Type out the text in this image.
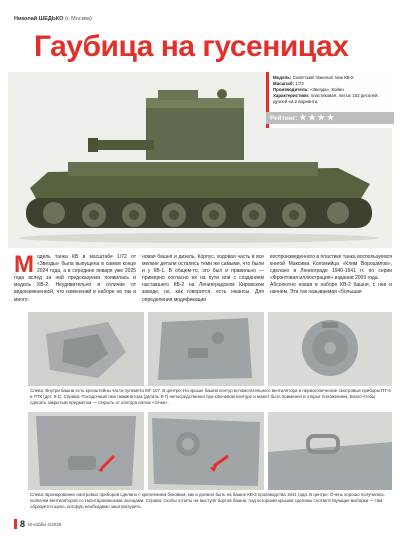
Николай ШЕДЬКО (г. Москва)
Гаубица на гусеницах
Модель: Советский тяжелый танк КВ-2
Масштаб: 1/72
Производитель: «Звезда», Койин
Характеристики: пластиковая, литых 153 деталей, дуэлей на 2 варианта.
Рейтинг: ★ ★ ★ ★
Модель танка КВ в масштабе 1/72 от «Звезды» была выпущена в самом конце 2024 года, а в середине января уже 2025 года вслед за ней предсказуемо появилась и модель КВ-2. Неудивительно в отличие от видоизмененной, что изменений в наборе не так и много:
новая башня и дизель. Корпус, ходовая часть в все мелкие детали остались теми же самыми, что были и у КВ-1. В общем-то, это был и правильно — примерно согласно их на пути или с созданием наставшего КВ-2 на Ленинградском Кировском заводе, но, как говорится, есть нюансы. Для определения модификации
воспроизведенного в пластике танка воспользуемся книгой Максима Коломийца «Клим Ворошилов», сделано в Ленинграде 1940-1941 гг. по серии «Фронтовая иллюстрация» издания 2009 года.
Абсолютно новая в наборе КВ-2 башня, с нее и начнем. Эта так называемая «большая
Слева: Внутри башни есть кронштейны части пулемета МГ-107. В центре: На крыше башни контур вспомогательного вентилятора и перископические смотровые приборы ПТ-5 и ПТК (дет. 8-1). Справа: Посадочный люк люминатора (деталь 8-7) непосредственно при ключевом контуре и может быть применен и открыт положением. Благо чтобы сделать закрытым предметом — открыть от контура натем «точки».
Слева: Бронирование смотровых приборов сделано с креплением боковым, как и должно быть на башне КВ-2 производства 1941 года. В центре: Очень хорошо получились колпачки вентиляторов со смонтированными оконцами. Справа: Скобы отлиты на выступе бортов башни, под которыми крышки сделаны соответствующие выборки — там образуется щель, которую необходимо заштукатурить.
8 М-хобби 4/2025
